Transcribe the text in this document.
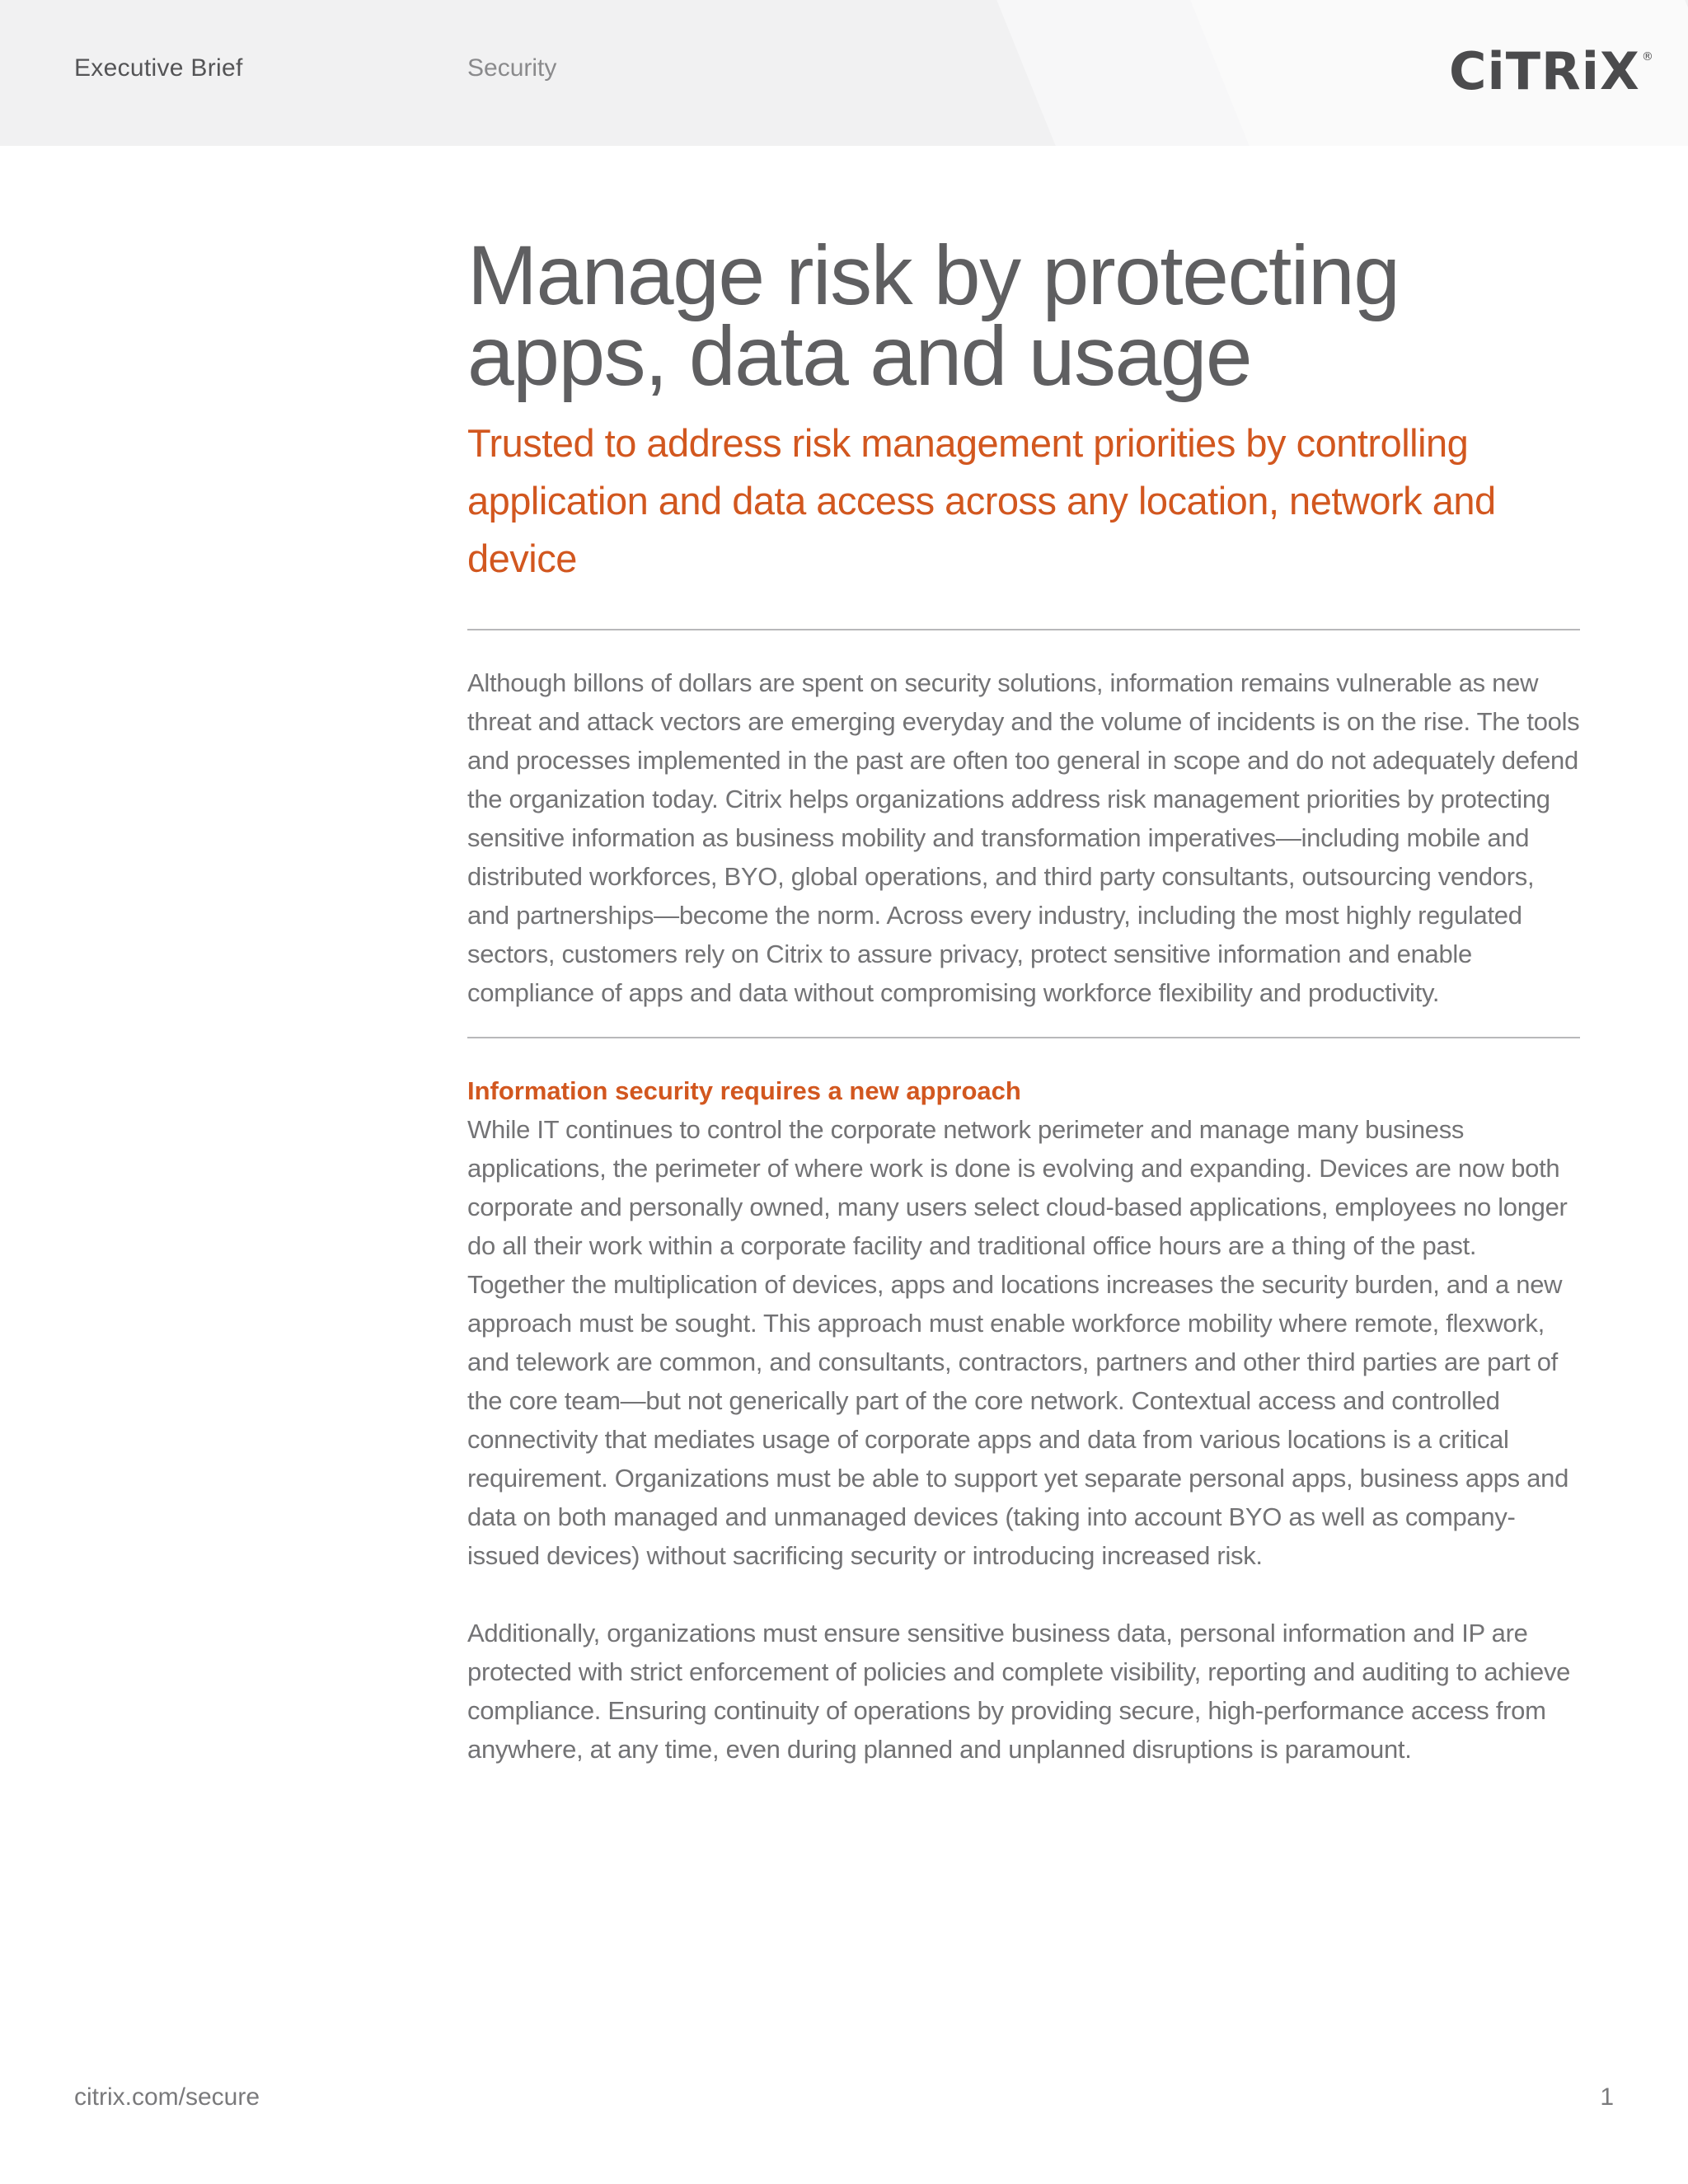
Executive Brief	Security	CiTRiX ®
Manage risk by protecting apps, data and usage
Trusted to address risk management priorities by controlling application and data access across any location, network and device

Although billons of dollars are spent on security solutions, information remains vulnerable as new threat and attack vectors are emerging everyday and the volume of incidents is on the rise. The tools and processes implemented in the past are often too general in scope and do not adequately defend the organization today. Citrix helps organizations address risk management priorities by protecting sensitive information as business mobility and transformation imperatives—including mobile and distributed workforces, BYO, global operations, and third party consultants, outsourcing vendors, and partnerships—become the norm. Across every industry, including the most highly regulated sectors, customers rely on Citrix to assure privacy, protect sensitive information and enable compliance of apps and data without compromising workforce flexibility and productivity.

Information security requires a new approach

While IT continues to control the corporate network perimeter and manage many business applications, the perimeter of where work is done is evolving and expanding. Devices are now both corporate and personally owned, many users select cloud-based applications, employees no longer do all their work within a corporate facility and traditional office hours are a thing of the past. Together the multiplication of devices, apps and locations increases the security burden, and a new approach must be sought. This approach must enable workforce mobility where remote, flexwork, and telework are common, and consultants, contractors, partners and other third parties are part of the core team—but not generically part of the core network. Contextual access and controlled connectivity that mediates usage of corporate apps and data from various locations is a critical requirement. Organizations must be able to support yet separate personal apps, business apps and data on both managed and unmanaged devices (taking into account BYO as well as company-issued devices) without sacrificing security or introducing increased risk.

Additionally, organizations must ensure sensitive business data, personal information and IP are protected with strict enforcement of policies and complete visibility, reporting and auditing to achieve compliance. Ensuring continuity of operations by providing secure, high-performance access from anywhere, at any time, even during planned and unplanned disruptions is paramount.

citrix.com/secure	1
